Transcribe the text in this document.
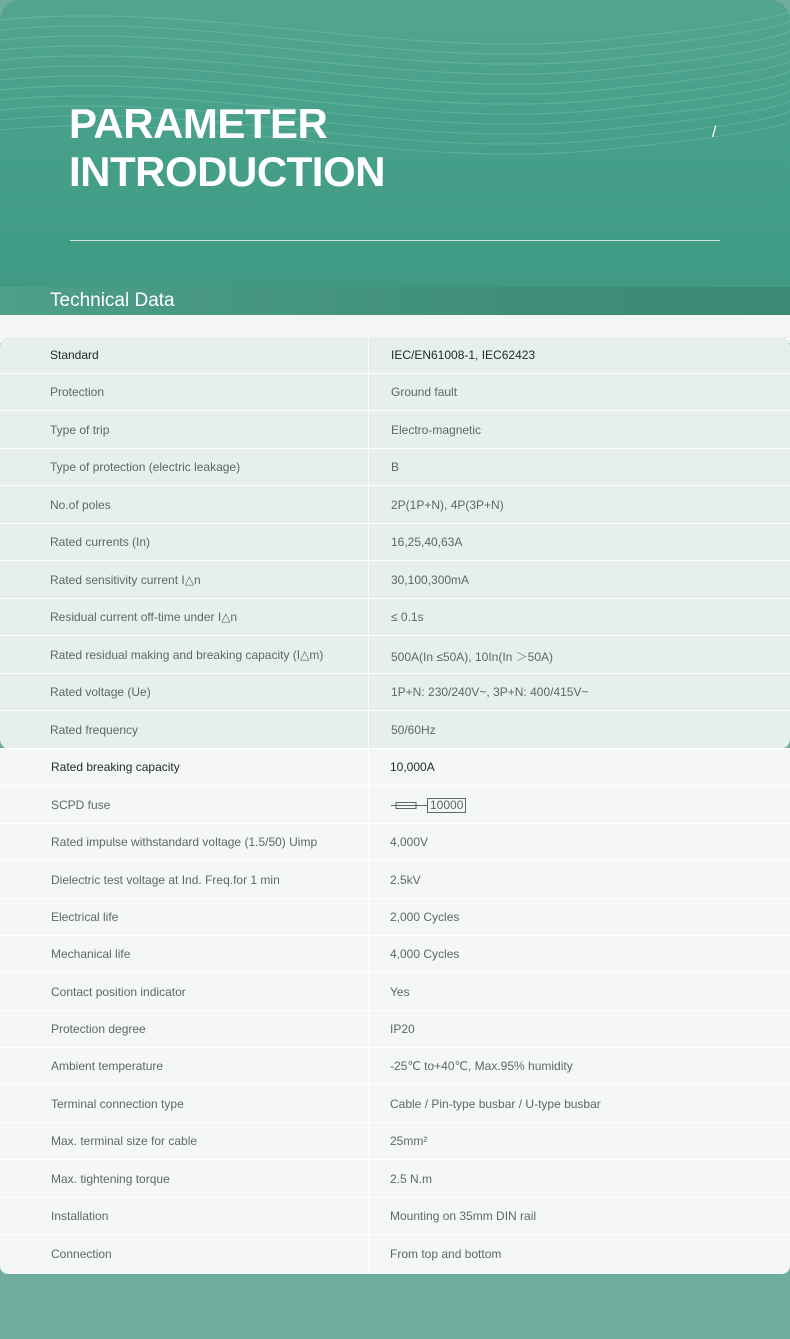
PARAMETER
INTRODUCTION
/
Technical Data
Standard	IEC/EN61008-1, IEC62423
Protection	Ground fault
Type of trip	Electro-magnetic
Type of protection (electric leakage)	B
No.of poles	2P(1P+N), 4P(3P+N)
Rated currents (In)	16,25,40,63A
Rated sensitivity current I△n	30,100,300mA
Residual current off-time under I△n	≤ 0.1s
Rated residual making and breaking capacity (I△m)	500A(In ≤50A), 10In(In ＞50A)
Rated voltage (Ue)	1P+N: 230/240V~, 3P+N: 400/415V~
Rated frequency	50/60Hz
Rated breaking capacity	10,000A
SCPD fuse	10000
Rated impulse withstandard voltage (1.5/50) Uimp	4,000V
Dielectric test voltage at Ind. Freq.for 1 min	2.5kV
Electrical life	2,000 Cycles
Mechanical life	4,000 Cycles
Contact position indicator	Yes
Protection degree	IP20
Ambient temperature	-25℃ to+40℃, Max.95% humidity
Terminal connection type	Cable / Pin-type busbar / U-type busbar
Max. terminal size for cable	25mm²
Max. tightening torque	2.5 N.m
Installation	Mounting on 35mm DIN rail
Connection	From top and bottom
